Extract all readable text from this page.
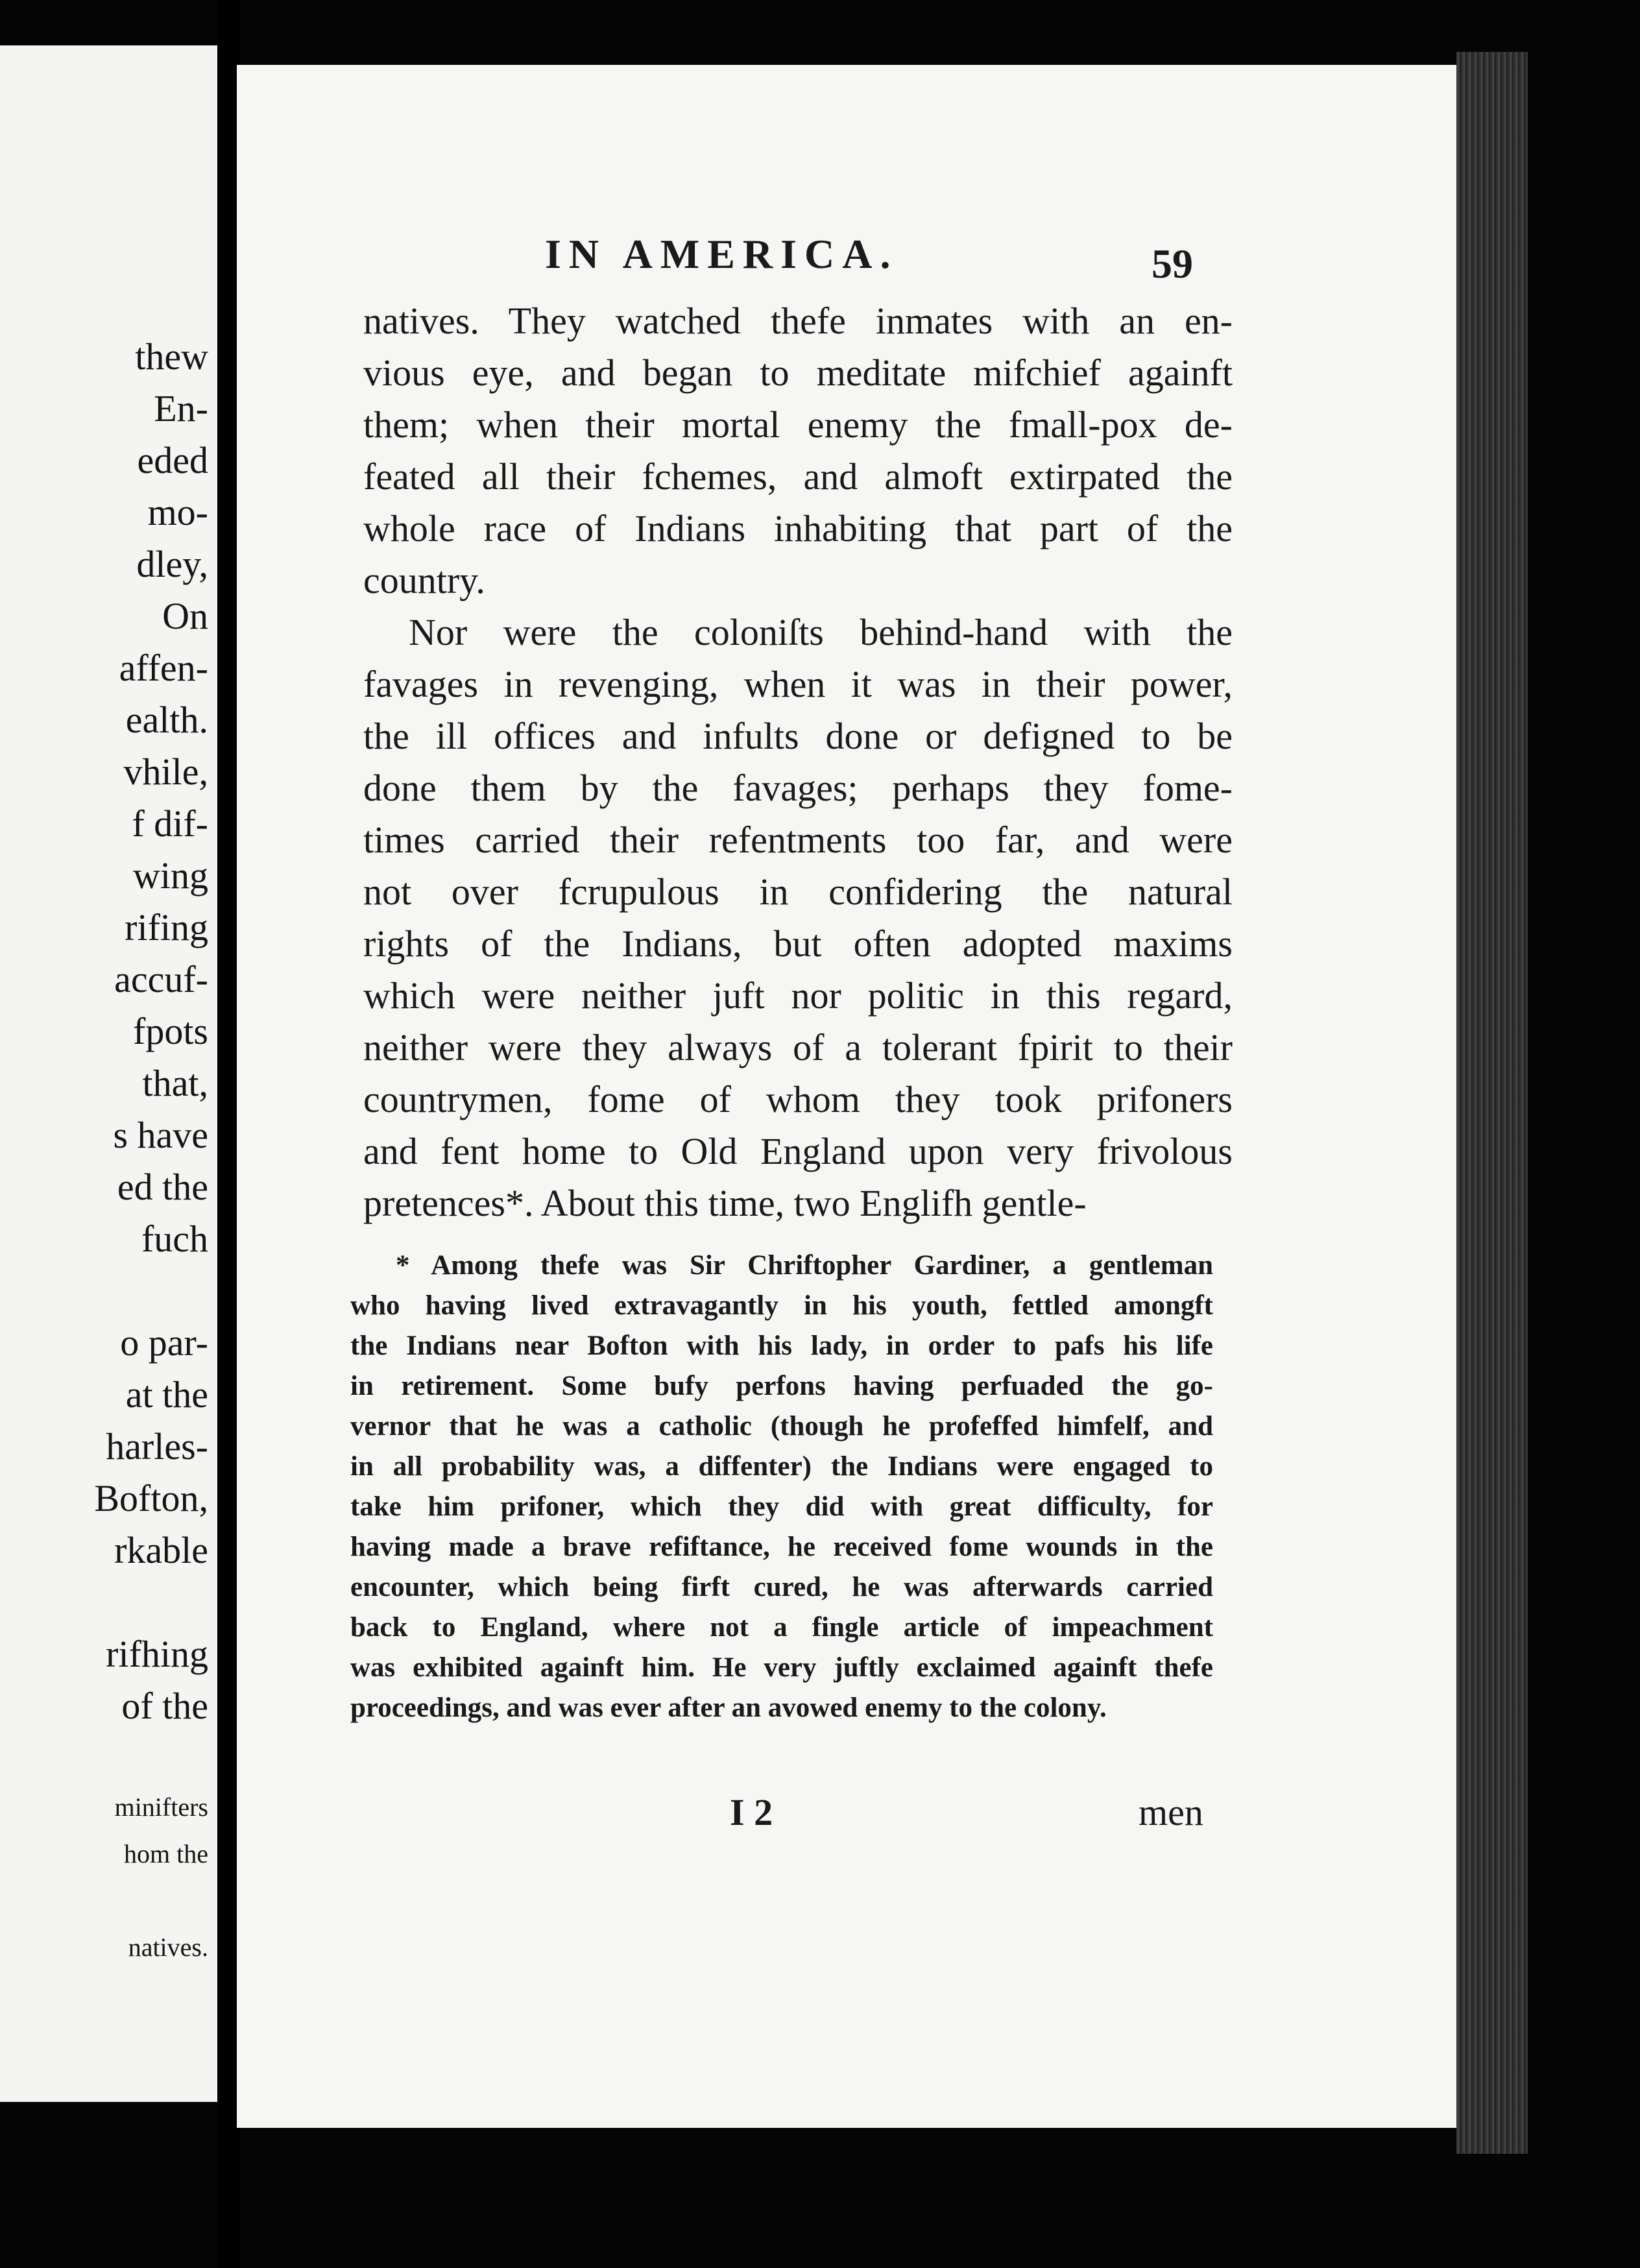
thew
En-
eded
mo-
dley,
On
affen-
ealth.
vhile,
f dif-
wing
rifing
accuf-
fpots
that,
s have
ed the
fuch
o par-
at the
harles-
Bofton,
rkable
rifhing
of the
minifters
hom the
natives.
IN AMERICA.	59
natives. They watched thefe inmates with an en-
vious eye, and began to meditate mifchief againft
them; when their mortal enemy the fmall-pox de-
feated all their fchemes, and almoft extirpated the
whole race of Indians inhabiting that part of the
country.
Nor were the coloniſts behind-hand with the
favages in revenging, when it was in their power,
the ill offices and infults done or defigned to be
done them by the favages; perhaps they fome-
times carried their refentments too far, and were
not over fcrupulous in confidering the natural
rights of the Indians, but often adopted maxims
which were neither juft nor politic in this regard,
neither were they always of a tolerant fpirit to their
countrymen, fome of whom they took prifoners
and fent home to Old England upon very frivolous
pretences*. About this time, two Englifh gentle-
* Among thefe was Sir Chriftopher Gardiner, a gentleman
who having lived extravagantly in his youth, fettled amongft
the Indians near Bofton with his lady, in order to pafs his life
in retirement. Some bufy perfons having perfuaded the go-
vernor that he was a catholic (though he profeffed himfelf, and
in all probability was, a diffenter) the Indians were engaged to
take him prifoner, which they did with great difficulty, for
having made a brave refiftance, he received fome wounds in the
encounter, which being firft cured, he was afterwards carried
back to England, where not a fingle article of impeachment
was exhibited againft him. He very juftly exclaimed againft thefe
proceedings, and was ever after an avowed enemy to the colony.
I 2	men
